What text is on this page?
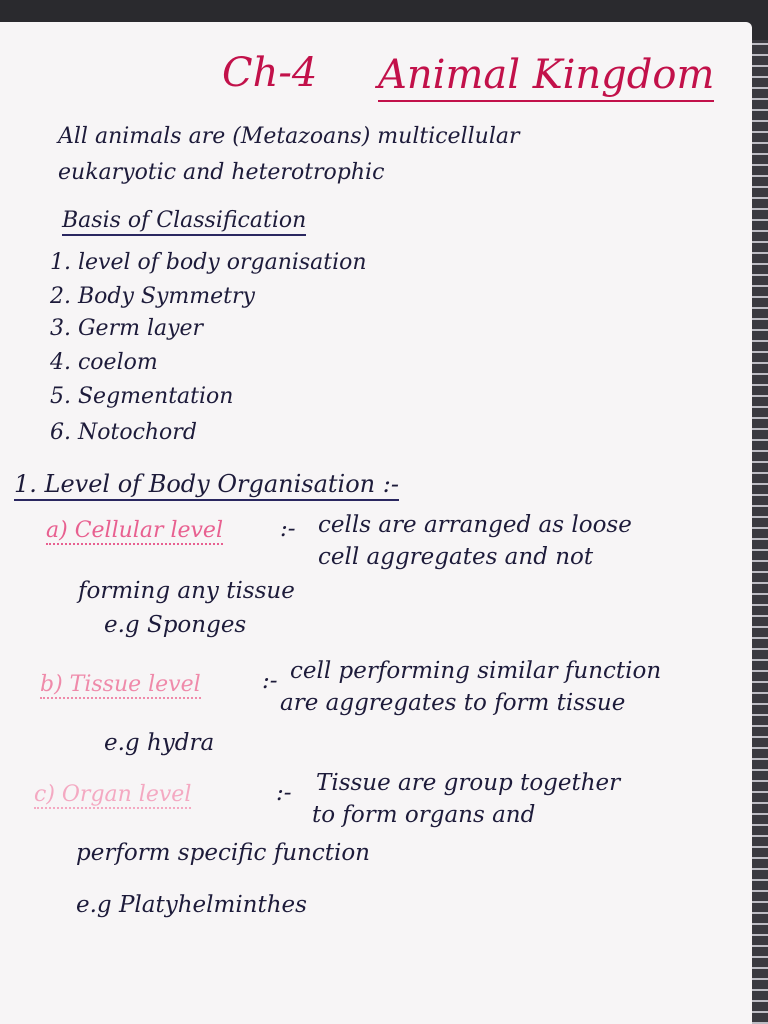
Ch-4 Animal Kingdom
All animals are (Metazoans) multicellular
eukaryotic and heterotrophic
Basis of Classification
1. level of body organisation
2. Body Symmetry
3. Germ layer
4. coelom
5. Segmentation
6. Notochord
1. Level of Body Organisation :-
a) Cellular level :- cells are arranged as loose
cell aggregates and not
forming any tissue
e.g Sponges
b) Tissue level	:- cell performing similar function
are aggregates to form tissue
e.g hydra
c) Organ level	:- Tissue are group together
to form organs and
perform specific function
e.g Platyhelminthes
